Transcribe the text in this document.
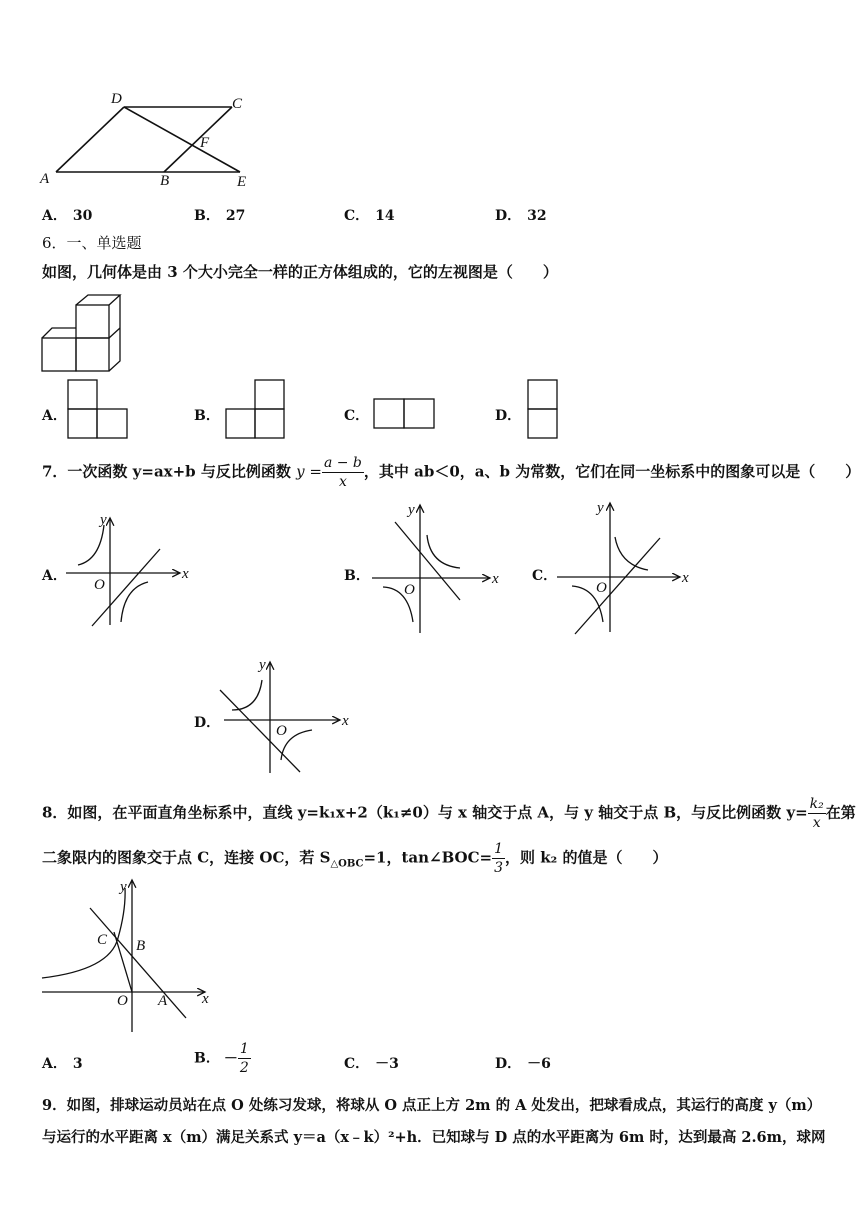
D	C
F
A	B	E
A． 30	B． 27	C． 14	D． 32
6．一、单选题
如图，几何体是由 3 个大小完全一样的正方体组成的，它的左视图是（　　）
A．	B．	C．	D．
7．一次函数 y=ax+b 与反比例函数 $y = \frac{a - b}{x}$ ，其中 ab＜0，a、b 为常数，它们在同一坐标系中的图象可以是（　　）
A．	B．	C．
D．
y
x
O
y
x
O
y
x
O
y
x
O
8．如图，在平面直角坐标系中，直线 y=k₁x+2（k₁≠0）与 x 轴交于点 A，与 y 轴交于点 B，与反比例函数 $y= \frac{\text{k₂}}{x}$ 在第
二象限内的图象交于点 C，连接 OC，若 $S_{\triangle OBC}=1$，tan∠BOC= $\frac{1}{3}$ ，则 k₂ 的值是（　　）
y
C B
O A x
A． 3	B． － $\frac{1}{2}$	C． －3	D． －6
9．如图，排球运动员站在点 O 处练习发球，将球从 O 点正上方 2m 的 A 处发出，把球看成点，其运行的高度 y（m）
与运行的水平距离 x（m）满足关系式 y＝a（x﹣k）²+h．已知球与 D 点的水平距离为 6m 时，达到最高 2.6m，球网
